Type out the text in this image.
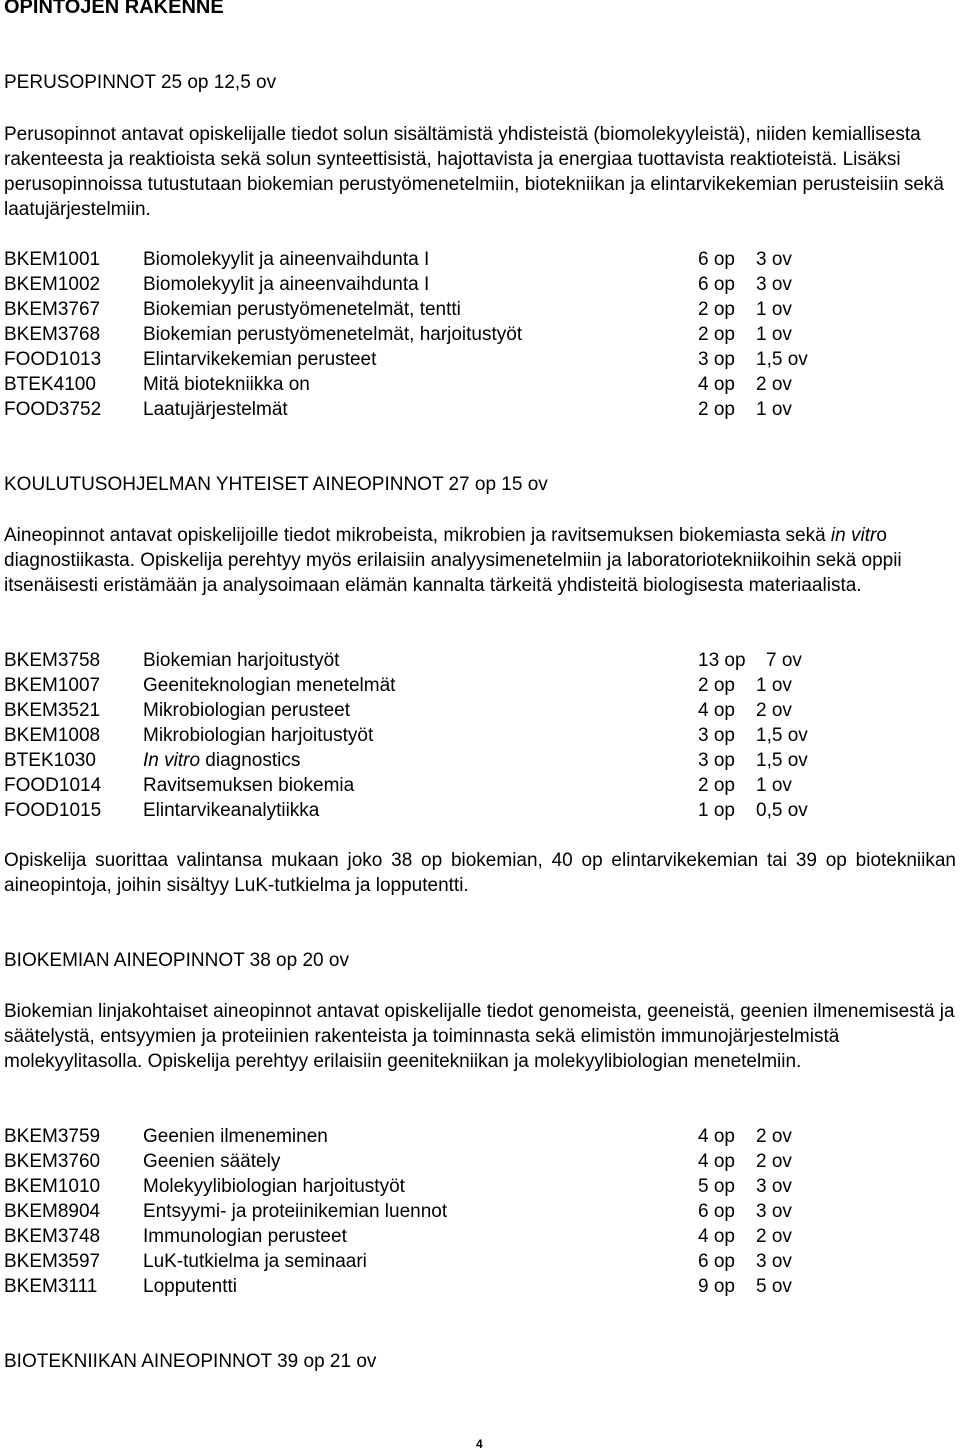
OPINTOJEN RAKENNE
PERUSOPINNOT 25 op 12,5 ov
Perusopinnot antavat opiskelijalle tiedot solun sisältämistä yhdisteistä (biomolekyyleistä), niiden kemiallisesta rakenteesta ja reaktioista sekä solun synteettisistä, hajottavista ja energiaa tuottavista reaktioteistä. Lisäksi perusopinnoissa tutustutaan biokemian perustyömenetelmiin, biotekniikan ja elintarvikekemian perusteisiin sekä laatujärjestelmiin.
BKEM1001 Biomolekyylit ja aineenvaihdunta I	6 op 3 ov
BKEM1002 Biomolekyylit ja aineenvaihdunta I	6 op 3 ov
BKEM3767 Biokemian perustyömenetelmät, tentti	2 op 1 ov
BKEM3768 Biokemian perustyömenetelmät, harjoitustyöt	2 op 1 ov
FOOD1013 Elintarvikekemian perusteet	3 op 1,5 ov
BTEK4100 Mitä biotekniikka on	4 op 2 ov
FOOD3752 Laatujärjestelmät	2 op 1 ov
KOULUTUSOHJELMAN YHTEISET AINEOPINNOT 27 op 15 ov
Aineopinnot antavat opiskelijoille tiedot mikrobeista, mikrobien ja ravitsemuksen biokemiasta sekä in vitro diagnostiikasta. Opiskelija perehtyy myös erilaisiin analyysimenetelmiin ja laboratoriotekniikoihin sekä oppii itsenäisesti eristämään ja analysoimaan elämän kannalta tärkeitä yhdisteitä biologisesta materiaalista.
BKEM3758 Biokemian harjoitustyöt	13 op 7 ov
BKEM1007 Geeniteknologian menetelmät	2 op 1 ov
BKEM3521 Mikrobiologian perusteet	4 op 2 ov
BKEM1008 Mikrobiologian harjoitustyöt	3 op 1,5 ov
BTEK1030 In vitro diagnostics	3 op 1,5 ov
FOOD1014 Ravitsemuksen biokemia	2 op 1 ov
FOOD1015 Elintarvikeanalytiikka	1 op 0,5 ov
Opiskelija suorittaa valintansa mukaan joko 38 op biokemian, 40 op elintarvikekemian tai 39 op biotekniikan aineopintoja, joihin sisältyy LuK-tutkielma ja lopputentti.
BIOKEMIAN AINEOPINNOT 38 op 20 ov
Biokemian linjakohtaiset aineopinnot antavat opiskelijalle tiedot genomeista, geeneistä, geenien ilmenemisestä ja säätelystä, entsyymien ja proteiinien rakenteista ja toiminnasta sekä elimistön immunojärjestelmistä molekyylitasolla. Opiskelija perehtyy erilaisiin geenitekniikan ja molekyylibiologian menetelmiin.
BKEM3759 Geenien ilmeneminen	4 op 2 ov
BKEM3760 Geenien säätely	4 op 2 ov
BKEM1010 Molekyylibiologian harjoitustyöt	5 op 3 ov
BKEM8904 Entsyymi- ja proteiinikemian luennot	6 op 3 ov
BKEM3748 Immunologian perusteet	4 op 2 ov
BKEM3597 LuK-tutkielma ja seminaari	6 op 3 ov
BKEM3111 Lopputentti	9 op 5 ov
BIOTEKNIIKAN AINEOPINNOT 39 op 21 ov
4
